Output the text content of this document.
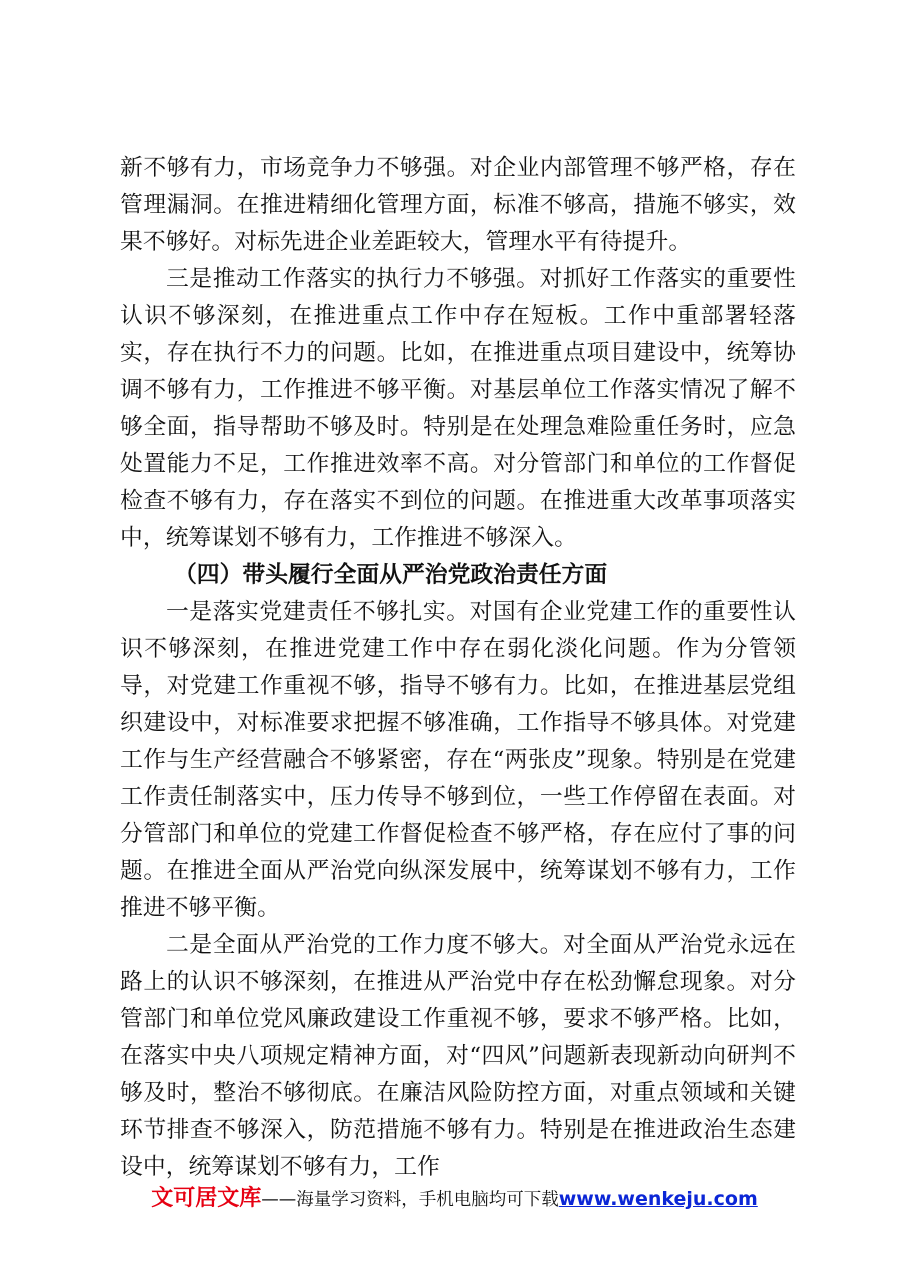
新不够有力，市场竞争力不够强。对企业内部管理不够严格，存在管理漏洞。在推进精细化管理方面，标准不够高，措施不够实，效果不够好。对标先进企业差距较大，管理水平有待提升。

三是推动工作落实的执行力不够强。对抓好工作落实的重要性认识不够深刻，在推进重点工作中存在短板。工作中重部署轻落实，存在执行不力的问题。比如，在推进重点项目建设中，统筹协调不够有力，工作推进不够平衡。对基层单位工作落实情况了解不够全面，指导帮助不够及时。特别是在处理急难险重任务时，应急处置能力不足，工作推进效率不高。对分管部门和单位的工作督促检查不够有力，存在落实不到位的问题。在推进重大改革事项落实中，统筹谋划不够有力，工作推进不够深入。

（四）带头履行全面从严治党政治责任方面

一是落实党建责任不够扎实。对国有企业党建工作的重要性认识不够深刻，在推进党建工作中存在弱化淡化问题。作为分管领导，对党建工作重视不够，指导不够有力。比如，在推进基层党组织建设中，对标准要求把握不够准确，工作指导不够具体。对党建工作与生产经营融合不够紧密，存在“两张皮”现象。特别是在党建工作责任制落实中，压力传导不够到位，一些工作停留在表面。对分管部门和单位的党建工作督促检查不够严格，存在应付了事的问题。在推进全面从严治党向纵深发展中，统筹谋划不够有力，工作推进不够平衡。

二是全面从严治党的工作力度不够大。对全面从严治党永远在路上的认识不够深刻，在推进从严治党中存在松劲懈怠现象。对分管部门和单位党风廉政建设工作重视不够，要求不够严格。比如，在落实中央八项规定精神方面，对“四风”问题新表现新动向研判不够及时，整治不够彻底。在廉洁风险防控方面，对重点领域和关键环节排查不够深入，防范措施不够有力。特别是在推进政治生态建设中，统筹谋划不够有力，工作

文可居文库——海量学习资料，手机电脑均可下载www.wenkeju.com
